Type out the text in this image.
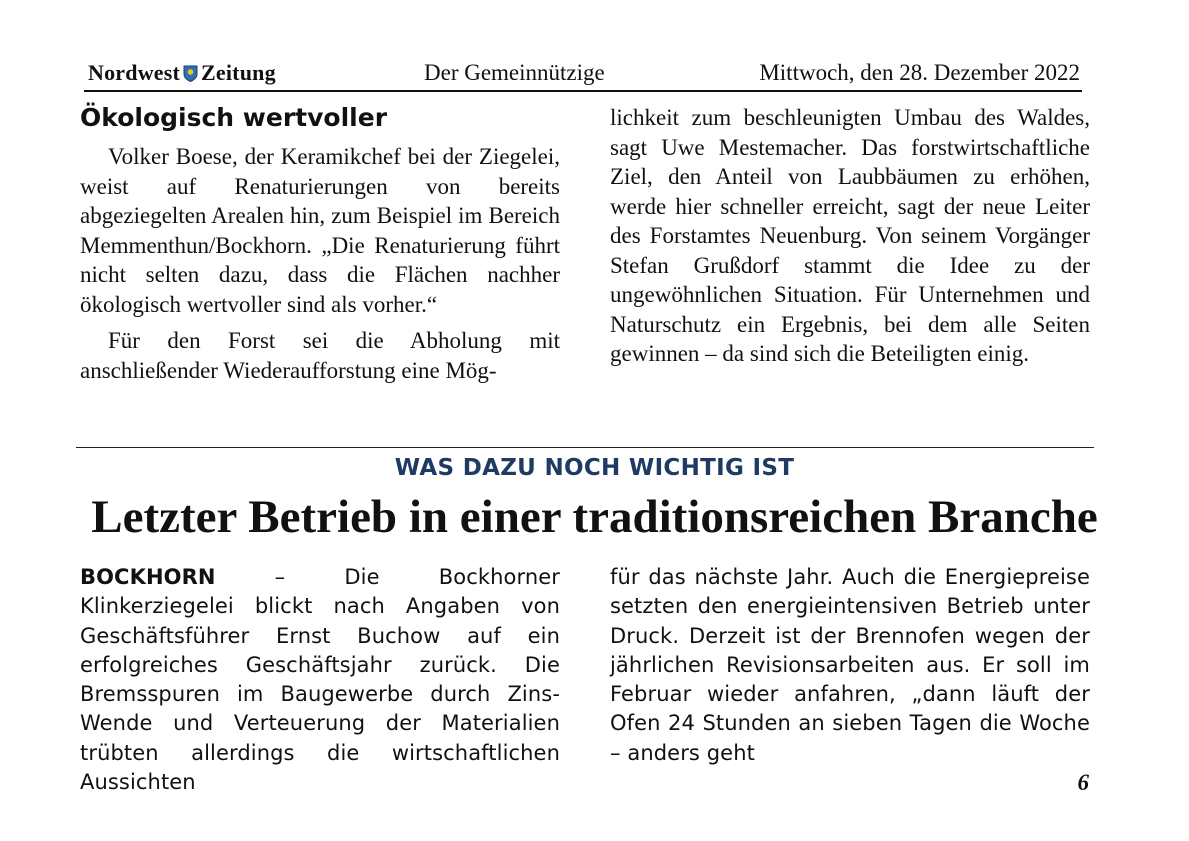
Nordwest Zeitung	Der Gemeinnützige	Mittwoch, den 28. Dezember 2022
Ökologisch wertvoller

Volker Boese, der Keramikchef bei der Ziegelei, weist auf Renaturierungen von bereits abgeziegelten Arealen hin, zum Beispiel im Bereich Memmenthun/Bockhorn. „Die Renaturierung führt nicht selten dazu, dass die Flächen nachher ökologisch wertvoller sind als vorher.“

Für den Forst sei die Abholung mit anschließender Wiederaufforstung eine Mög-

lichkeit zum beschleunigten Umbau des Waldes, sagt Uwe Mestemacher. Das forstwirtschaftliche Ziel, den Anteil von Laubbäumen zu erhöhen, werde hier schneller erreicht, sagt der neue Leiter des Forstamtes Neuenburg. Von seinem Vorgänger Stefan Grußdorf stammt die Idee zu der ungewöhnlichen Situation. Für Unternehmen und Naturschutz ein Ergebnis, bei dem alle Seiten gewinnen – da sind sich die Beteiligten einig.

WAS DAZU NOCH WICHTIG IST
Letzter Betrieb in einer traditionsreichen Branche

BOCKHORN – Die Bockhorner Klinkerziegelei blickt nach Angaben von Geschäftsführer Ernst Buchow auf ein erfolgreiches Geschäftsjahr zurück. Die Bremsspuren im Baugewerbe durch Zins-Wende und Verteuerung der Materialien trübten allerdings die wirtschaftlichen Aussichten

für das nächste Jahr. Auch die Energiepreise setzten den energieintensiven Betrieb unter Druck. Derzeit ist der Brennofen wegen der jährlichen Revisionsarbeiten aus. Er soll im Februar wieder anfahren, „dann läuft der Ofen 24 Stunden an sieben Tagen die Woche – anders geht

6
